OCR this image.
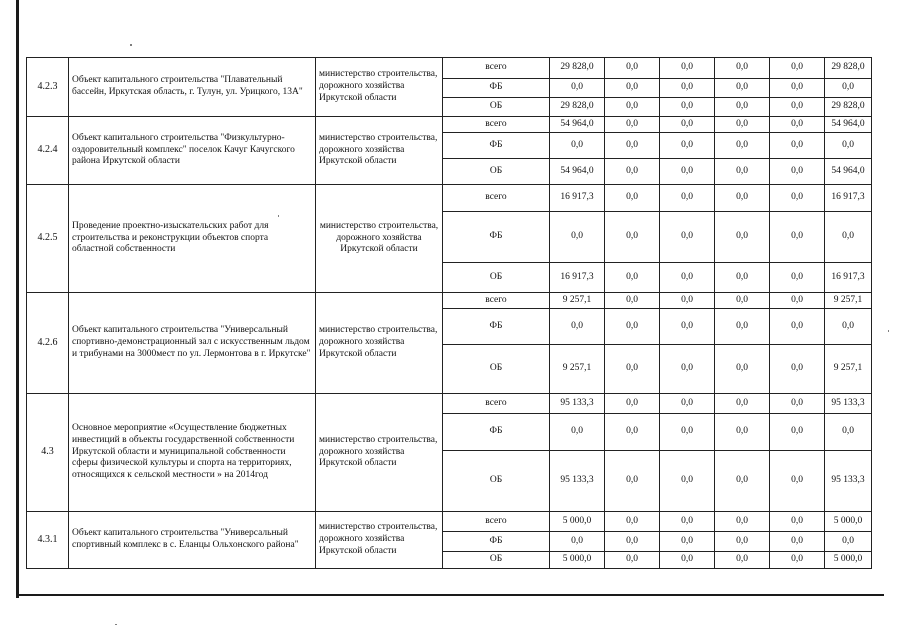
4.2.3	Объект капитального строительства "Плавательный бассейн, Иркутская область, г. Тулун, ул. Урицкого, 13А"	министерство строительства, дорожного хозяйства Иркутской области	всего	29 828,0	0,0	0,0	0,0	0,0	29 828,0
			ФБ	0,0	0,0	0,0	0,0	0,0	0,0
			ОБ	29 828,0	0,0	0,0	0,0	0,0	29 828,0
4.2.4	Объект капитального строительства "Физкультурно-оздоровительный комплекс" поселок Качуг Качугского района Иркутской области	министерство строительства, дорожного хозяйства Иркутской области	всего	54 964,0	0,0	0,0	0,0	0,0	54 964,0
			ФБ	0,0	0,0	0,0	0,0	0,0	0,0
			ОБ	54 964,0	0,0	0,0	0,0	0,0	54 964,0
4.2.5	Проведение проектно-изыскательских работ для строительства и реконструкции объектов спорта областной собственности	министерство строительства, дорожного хозяйства Иркутской области	всего	16 917,3	0,0	0,0	0,0	0,0	16 917,3
			ФБ	0,0	0,0	0,0	0,0	0,0	0,0
			ОБ	16 917,3	0,0	0,0	0,0	0,0	16 917,3
4.2.6	Объект капитального строительства "Универсальный спортивно-демонстрационный зал с искусственным льдом и трибунами на 3000мест по ул. Лермонтова в г. Иркутске"	министерство строительства, дорожного хозяйства Иркутской области	всего	9 257,1	0,0	0,0	0,0	0,0	9 257,1
			ФБ	0,0	0,0	0,0	0,0	0,0	0,0
			ОБ	9 257,1	0,0	0,0	0,0	0,0	9 257,1
4.3	Основное мероприятие «Осуществление бюджетных инвестиций в объекты государственной собственности Иркутской области и муниципальной собственности сферы физической культуры и спорта на территориях, относящихся к сельской местности » на 2014год	министерство строительства, дорожного хозяйства Иркутской области	всего	95 133,3	0,0	0,0	0,0	0,0	95 133,3
			ФБ	0,0	0,0	0,0	0,0	0,0	0,0
			ОБ	95 133,3	0,0	0,0	0,0	0,0	95 133,3
4.3.1	Объект капитального строительства "Универсальный спортивный комплекс в с. Еланцы Ольхонского района"	министерство строительства, дорожного хозяйства Иркутской области	всего	5 000,0	0,0	0,0	0,0	0,0	5 000,0
			ФБ	0,0	0,0	0,0	0,0	0,0	0,0
			ОБ	5 000,0	0,0	0,0	0,0	0,0	5 000,0
